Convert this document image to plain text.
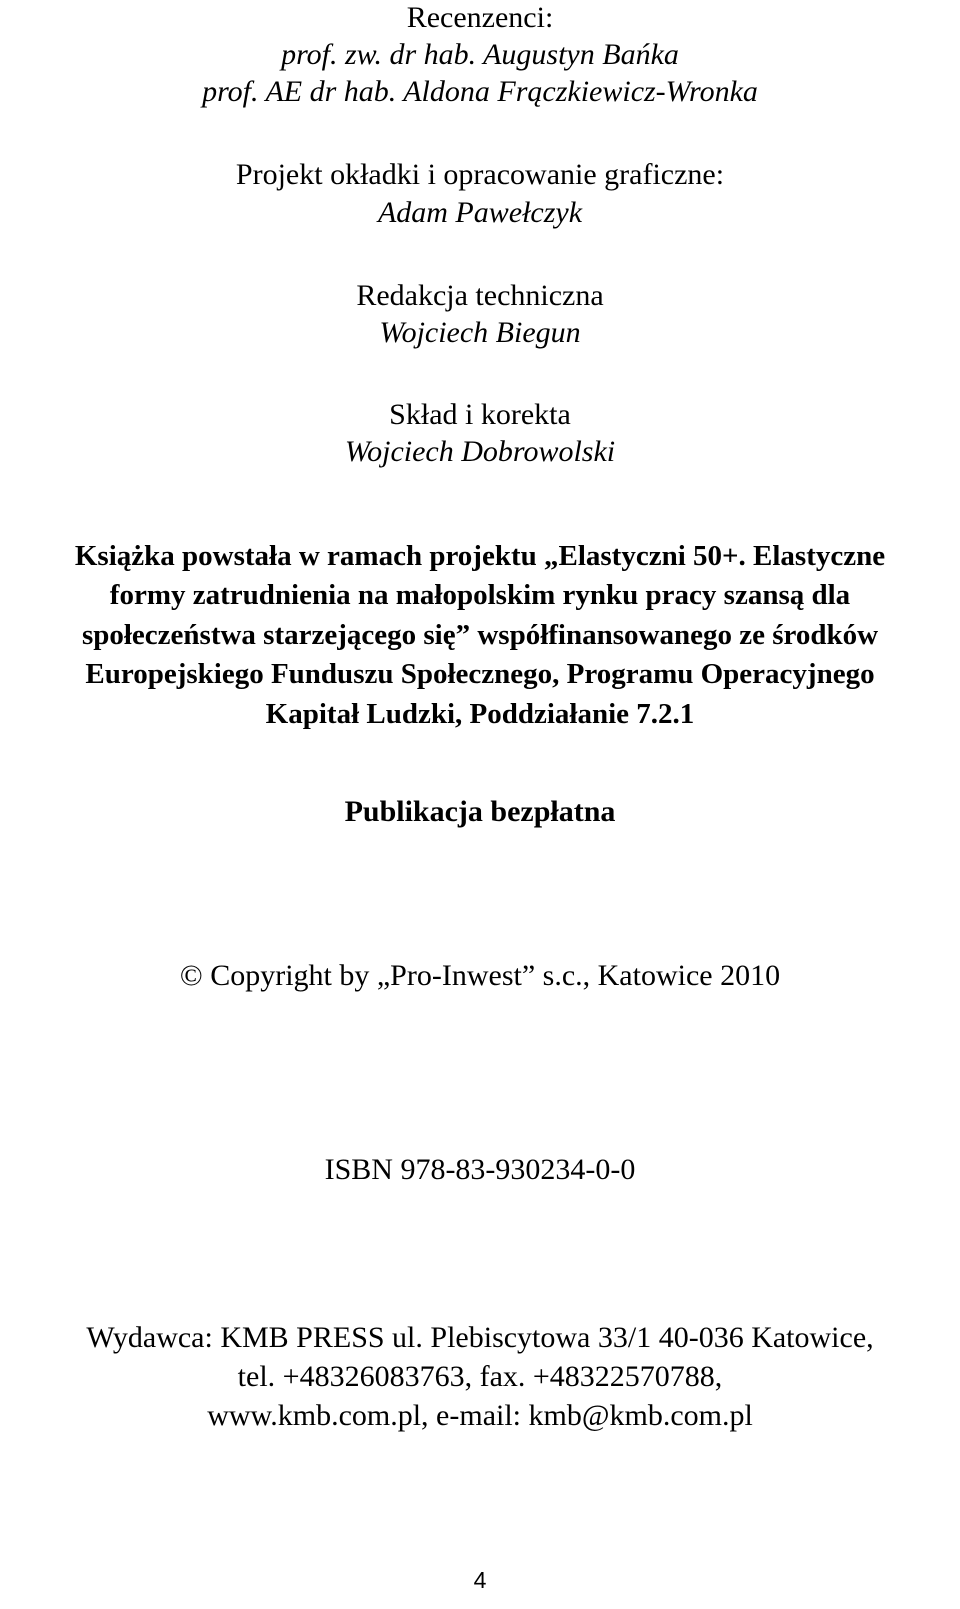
Recenzenci:
prof. zw. dr hab. Augustyn Bańka
prof. AE dr hab. Aldona Frączkiewicz-Wronka
Projekt okładki i opracowanie graficzne:
Adam Pawełczyk
Redakcja techniczna
Wojciech Biegun
Skład i korekta
Wojciech Dobrowolski
Książka powstała w ramach projektu „Elastyczni 50+. Elastyczne
formy zatrudnienia na małopolskim rynku pracy szansą dla
społeczeństwa starzejącego się” współfinansowanego ze środków
Europejskiego Funduszu Społecznego, Programu Operacyjnego
Kapitał Ludzki, Poddziałanie 7.2.1
Publikacja bezpłatna
© Copyright by „Pro-Inwest” s.c., Katowice 2010
ISBN 978-83-930234-0-0
Wydawca: KMB PRESS ul. Plebiscytowa 33/1 40-036 Katowice,
tel. +48326083763, fax. +48322570788,
www.kmb.com.pl, e-mail: kmb@kmb.com.pl
4
